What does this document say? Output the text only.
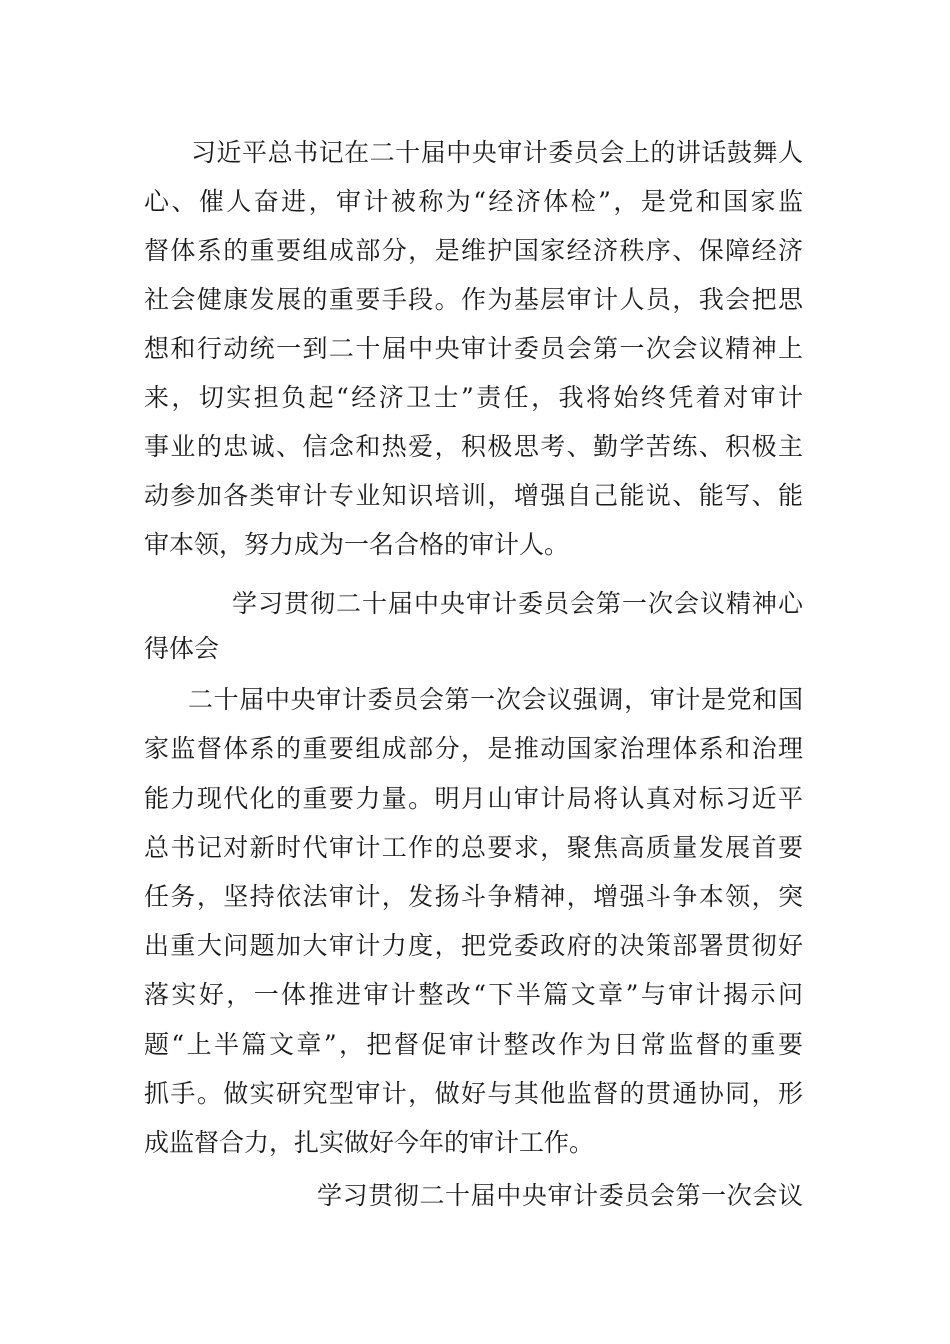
习近平总书记在二十届中央审计委员会上的讲话鼓舞人
心、催人奋进，审计被称为“经济体检”，是党和国家监
督体系的重要组成部分，是维护国家经济秩序、保障经济
社会健康发展的重要手段。作为基层审计人员，我会把思
想和行动统一到二十届中央审计委员会第一次会议精神上
来，切实担负起“经济卫士”责任，我将始终凭着对审计
事业的忠诚、信念和热爱，积极思考、勤学苦练、积极主
动参加各类审计专业知识培训，增强自己能说、能写、能
审本领，努力成为一名合格的审计人。
学习贯彻二十届中央审计委员会第一次会议精神心
得体会
二十届中央审计委员会第一次会议强调，审计是党和国
家监督体系的重要组成部分，是推动国家治理体系和治理
能力现代化的重要力量。明月山审计局将认真对标习近平
总书记对新时代审计工作的总要求，聚焦高质量发展首要
任务，坚持依法审计，发扬斗争精神，增强斗争本领，突
出重大问题加大审计力度，把党委政府的决策部署贯彻好
落实好，一体推进审计整改“下半篇文章”与审计揭示问
题“上半篇文章”，把督促审计整改作为日常监督的重要
抓手。做实研究型审计，做好与其他监督的贯通协同，形
成监督合力，扎实做好今年的审计工作。
学习贯彻二十届中央审计委员会第一次会议
